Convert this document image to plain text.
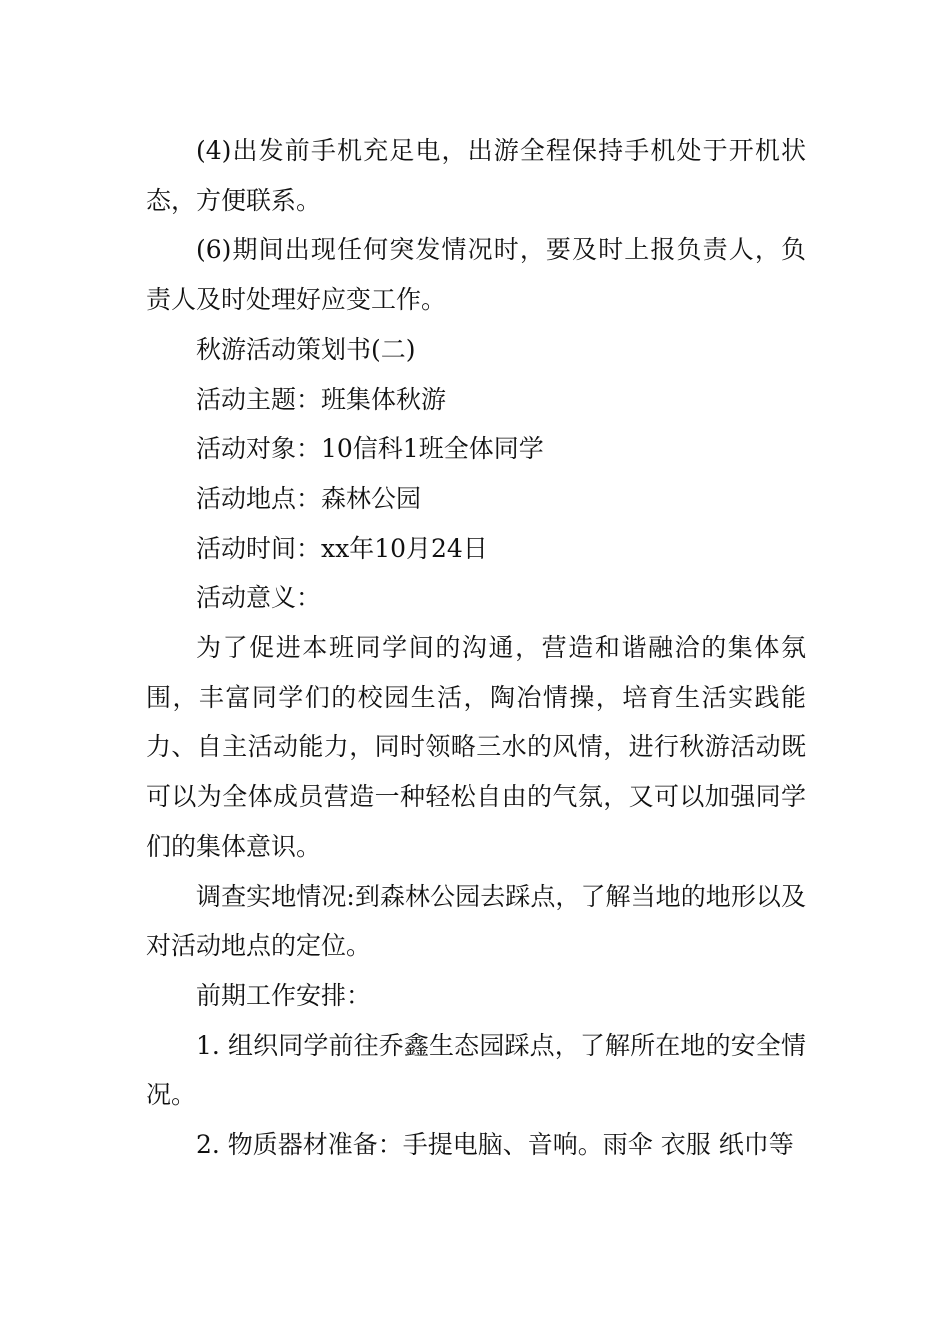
(4)出发前手机充足电，出游全程保持手机处于开机状态，方便联系。

(6)期间出现任何突发情况时，要及时上报负责人，负责人及时处理好应变工作。

秋游活动策划书(二)

活动主题：班集体秋游

活动对象：10信科1班全体同学

活动地点：森林公园

活动时间：xx年10月24日

活动意义：

为了促进本班同学间的沟通，营造和谐融洽的集体氛围，丰富同学们的校园生活，陶冶情操，培育生活实践能力、自主活动能力，同时领略三水的风情，进行秋游活动既可以为全体成员营造一种轻松自由的气氛，又可以加强同学们的集体意识。

调查实地情况:到森林公园去踩点，了解当地的地形以及对活动地点的定位。

前期工作安排：

1. 组织同学前往乔鑫生态园踩点，了解所在地的安全情况。

2. 物质器材准备：手提电脑、音响。雨伞 衣服 纸巾等
